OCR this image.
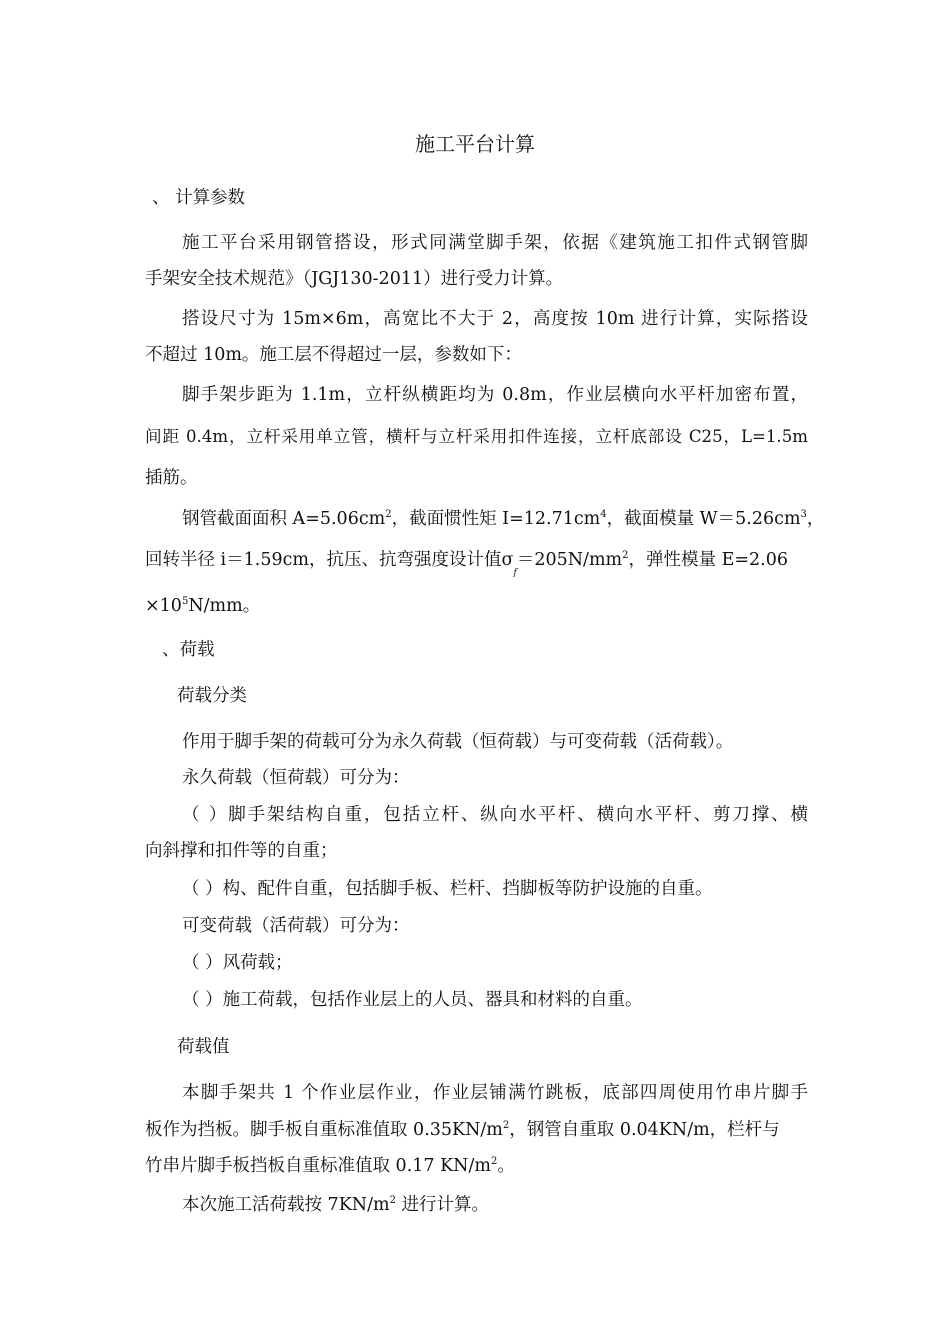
施工平台计算
、 计算参数
施工平台采用钢管搭设，形式同满堂脚手架，依据《建筑施工扣件式钢管脚
手架安全技术规范》（JGJ130-2011）进行受力计算。
搭设尺寸为 15m×6m，高宽比不大于 2，高度按 10m 进行计算，实际搭设
不超过 10m。施工层不得超过一层，参数如下：
脚手架步距为 1.1m，立杆纵横距均为 0.8m，作业层横向水平杆加密布置，
间距 0.4m，立杆采用单立管，横杆与立杆采用扣件连接，立杆底部设 C25，L=1.5m
插筋。
钢管截面面积 $A=5.06cm^2$，截面惯性矩 $I=12.71cm^4$，截面模量 $W=5.26cm^3$，
回转半径 i＝1.59cm，抗压、抗弯强度设计值$\sigma_f=205N/mm^2$，弹性模量 E=2.06
$\times 10^5N/mm$。
、荷载
荷载分类
作用于脚手架的荷载可分为永久荷载（恒荷载）与可变荷载（活荷载）。
永久荷载（恒荷载）可分为：
（ ）脚手架结构自重，包括立杆、纵向水平杆、横向水平杆、剪刀撑、横
向斜撑和扣件等的自重；
（ ）构、配件自重，包括脚手板、栏杆、挡脚板等防护设施的自重。
可变荷载（活荷载）可分为：
（ ）风荷载；
（ ）施工荷载，包括作业层上的人员、器具和材料的自重。
荷载值
本脚手架共 1 个作业层作业，作业层铺满竹跳板，底部四周使用竹串片脚手
板作为挡板。脚手板自重标准值取 $0.35KN/m^2$，钢管自重取 0.04KN/m，栏杆与
竹串片脚手板挡板自重标准值取 0.17 $KN/m^2$。
本次施工活荷载按 $7KN/m^2$ 进行计算。
